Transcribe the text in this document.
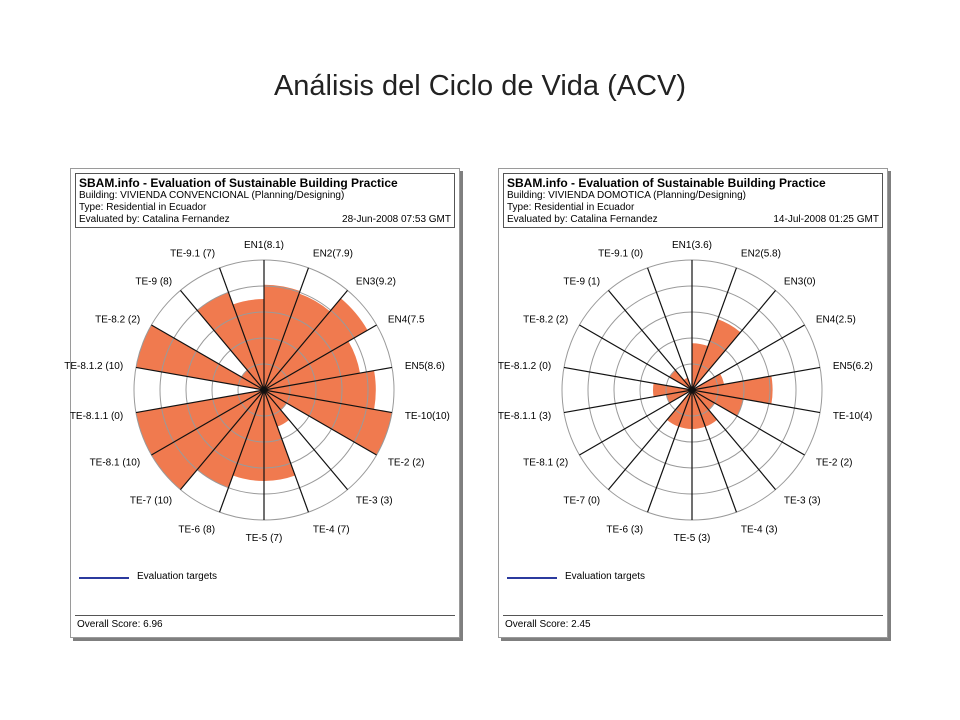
Análisis del Ciclo de Vida (ACV)
SBAM.info - Evaluation of Sustainable Building Practice
Building: VIVIENDA CONVENCIONAL (Planning/Designing)
Type: Residential in Ecuador
Evaluated by: Catalina Fernandez	28-Jun-2008 07:53 GMT
EN1(8.1)
EN2(7.9)
EN3(9.2)
EN4(7.5
EN5(8.6)
TE-10(10)
TE-2 (2)
TE-3 (3)
TE-4 (7)
TE-5 (7)
TE-6 (8)
TE-7 (10)
TE-8.1 (10)
TE-8.1.1 (0)
TE-8.1.2 (10)
TE-8.2 (2)
TE-9 (8)
TE-9.1 (7)
Evaluation targets
Overall Score: 6.96
SBAM.info - Evaluation of Sustainable Building Practice
Building: VIVIENDA DOMOTICA (Planning/Designing)
Type: Residential in Ecuador
Evaluated by: Catalina Fernandez	14-Jul-2008 01:25 GMT
EN1(3.6)
EN2(5.8)
EN3(0)
EN4(2.5)
EN5(6.2)
TE-10(4)
TE-2 (2)
TE-3 (3)
TE-4 (3)
TE-5 (3)
TE-6 (3)
TE-7 (0)
TE-8.1 (2)
TE-8.1.1 (3)
TE-8.1.2 (0)
TE-8.2 (2)
TE-9 (1)
TE-9.1 (0)
Evaluation targets
Overall Score: 2.45
